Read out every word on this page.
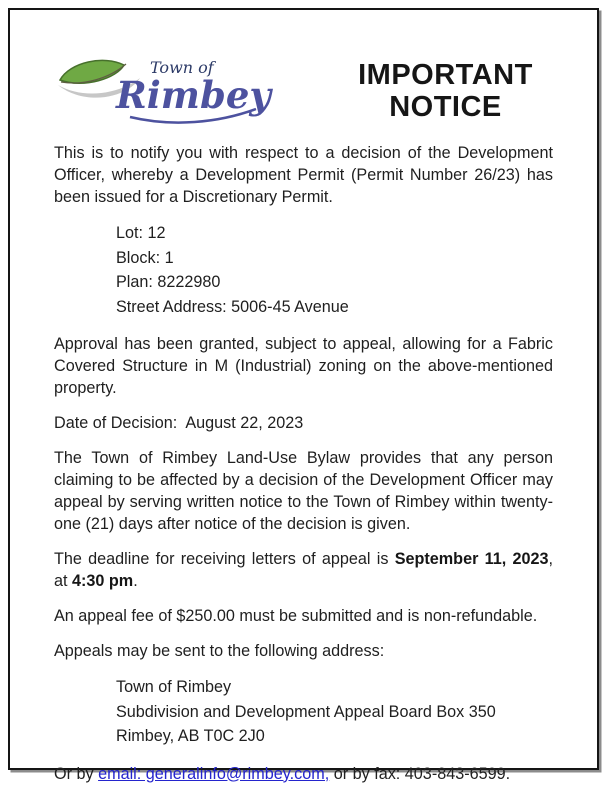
Town of
Rimbey	IMPORTANT
NOTICE

This is to notify you with respect to a decision of the Development Officer, whereby a Development Permit (Permit Number 26/23) has been issued for a Discretionary Permit.

Lot: 12
Block: 1
Plan: 8222980
Street Address: 5006-45 Avenue

Approval has been granted, subject to appeal, allowing for a Fabric Covered Structure in M (Industrial) zoning on the above-mentioned property.

Date of Decision:  August 22, 2023

The Town of Rimbey Land-Use Bylaw provides that any person claiming to be affected by a decision of the Development Officer may appeal by serving written notice to the Town of Rimbey within twenty-one (21) days after notice of the decision is given.

The deadline for receiving letters of appeal is September 11, 2023, at 4:30 pm.

An appeal fee of $250.00 must be submitted and is non-refundable.

Appeals may be sent to the following address:

Town of Rimbey
Subdivision and Development Appeal Board Box 350
Rimbey, AB T0C 2J0

Or by email: generalinfo@rimbey.com, or by fax: 403-843-6599.
